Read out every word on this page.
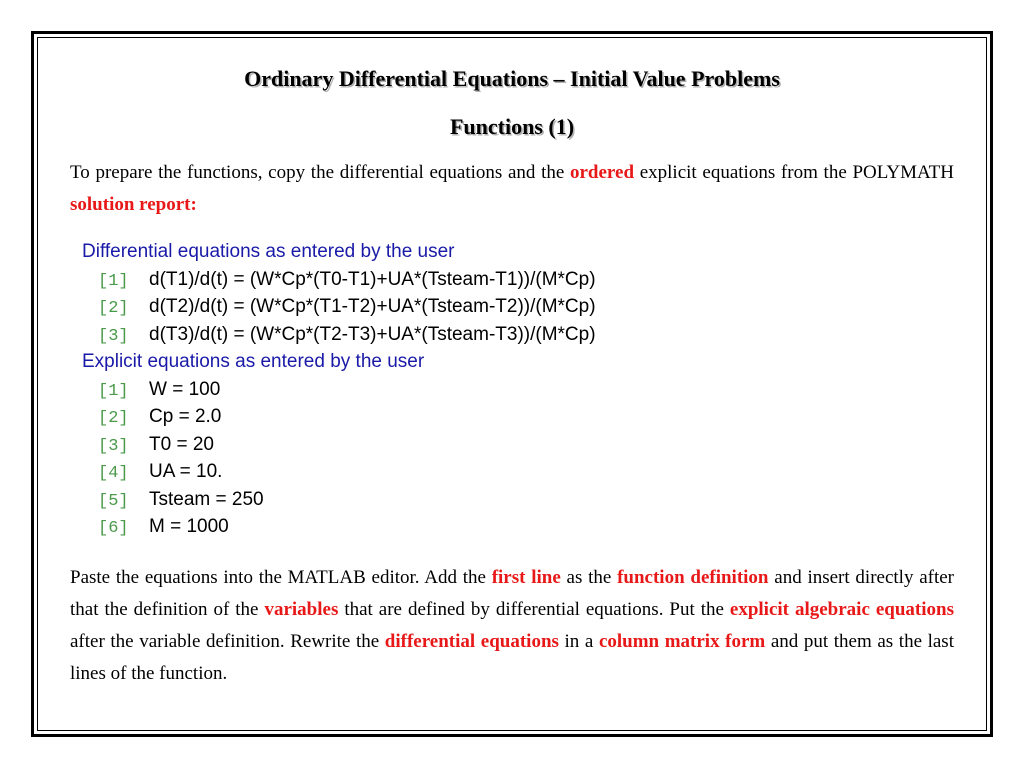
Ordinary Differential Equations – Initial Value Problems
Functions (1)

To prepare the functions, copy the differential equations and the ordered explicit equations from the POLYMATH solution report:

Differential equations as entered by the user
[1] d(T1)/d(t) = (W*Cp*(T0-T1)+UA*(Tsteam-T1))/(M*Cp)
[2] d(T2)/d(t) = (W*Cp*(T1-T2)+UA*(Tsteam-T2))/(M*Cp)
[3] d(T3)/d(t) = (W*Cp*(T2-T3)+UA*(Tsteam-T3))/(M*Cp)
Explicit equations as entered by the user
[1] W = 100
[2] Cp = 2.0
[3] T0 = 20
[4] UA = 10.
[5] Tsteam = 250
[6] M = 1000

Paste the equations into the MATLAB editor. Add the first line as the function definition and insert directly after that the definition of the variables that are defined by differential equations. Put the explicit algebraic equations after the variable definition. Rewrite the differential equations in a column matrix form and put them as the last lines of the function.
